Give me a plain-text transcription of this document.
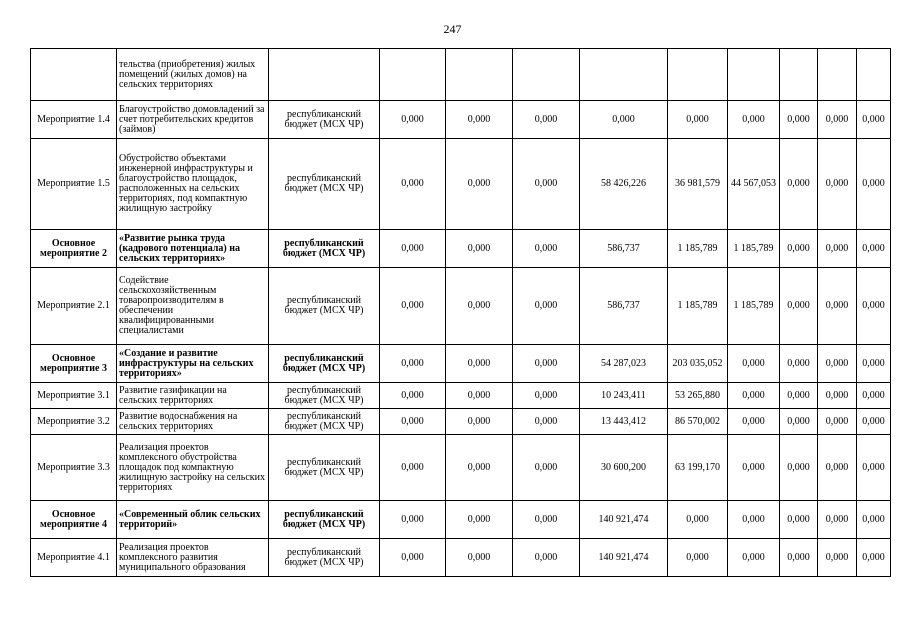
247
	тельства (приобретения) жилых помещений (жилых домов) на сельских территориях										
Мероприятие 1.4	Благоустройство домовладений за счет потребительских кредитов (займов)	республиканский бюджет (МСХ ЧР)	0,000	0,000	0,000	0,000	0,000	0,000	0,000	0,000	0,000
Мероприятие 1.5	Обустройство объектами инженерной инфраструктуры и благоустройство площадок, расположенных на сельских территориях, под компактную жилищную застройку	республиканский бюджет (МСХ ЧР)	0,000	0,000	0,000	58 426,226	36 981,579	44 567,053	0,000	0,000	0,000
Основное мероприятие 2	«Развитие рынка труда (кадрового потенциала) на сельских территориях»	республиканский бюджет (МСХ ЧР)	0,000	0,000	0,000	586,737	1 185,789	1 185,789	0,000	0,000	0,000
Мероприятие 2.1	Содействие сельскохозяйственным товаропроизводителям в обеспечении квалифицированными специалистами	республиканский бюджет (МСХ ЧР)	0,000	0,000	0,000	586,737	1 185,789	1 185,789	0,000	0,000	0,000
Основное мероприятие 3	«Создание и развитие инфраструктуры на сельских территориях»	республиканский бюджет (МСХ ЧР)	0,000	0,000	0,000	54 287,023	203 035,052	0,000	0,000	0,000	0,000
Мероприятие 3.1	Развитие газификации на сельских территориях	республиканский бюджет (МСХ ЧР)	0,000	0,000	0,000	10 243,411	53 265,880	0,000	0,000	0,000	0,000
Мероприятие 3.2	Развитие водоснабжения на сельских территориях	республиканский бюджет (МСХ ЧР)	0,000	0,000	0,000	13 443,412	86 570,002	0,000	0,000	0,000	0,000
Мероприятие 3.3	Реализация проектов комплексного обустройства площадок под компактную жилищную застройку на сельских территориях	республиканский бюджет (МСХ ЧР)	0,000	0,000	0,000	30 600,200	63 199,170	0,000	0,000	0,000	0,000
Основное мероприятие 4	«Современный облик сельских территорий»	республиканский бюджет (МСХ ЧР)	0,000	0,000	0,000	140 921,474	0,000	0,000	0,000	0,000	0,000
Мероприятие 4.1	Реализация проектов комплексного развития муниципального образования	республиканский бюджет (МСХ ЧР)	0,000	0,000	0,000	140 921,474	0,000	0,000	0,000	0,000	0,000
